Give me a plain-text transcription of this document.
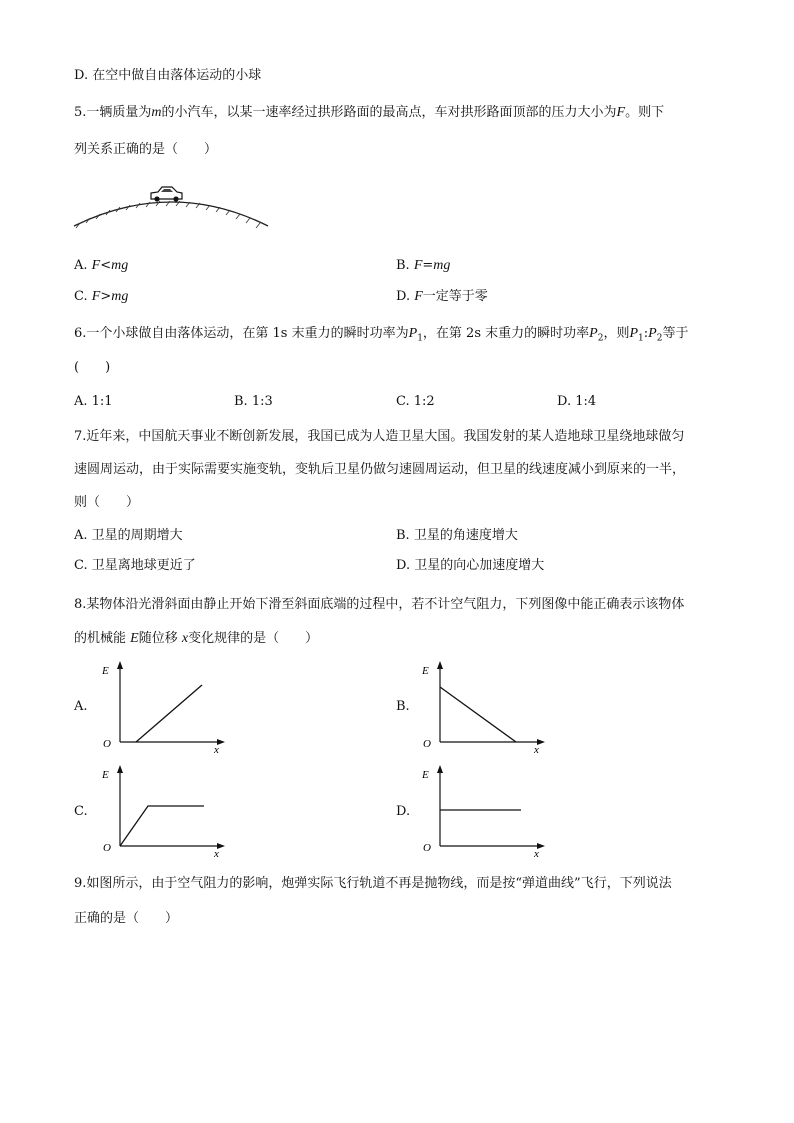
D. 在空中做自由落体运动的小球
5.一辆质量为m的小汽车，以某一速率经过拱形路面的最高点，车对拱形路面顶部的压力大小为F。则下
列关系正确的是（　　）
A. F<mg	B. F=mg
C. F>mg	D. F一定等于零
6.一个小球做自由落体运动，在第 1s 末重力的瞬时功率为$P_1$，在第 2s 末重力的瞬时功率$P_2$，则$P_1:P_2$等于
(　　)
A. 1:1	B. 1:3	C. 1:2	D. 1:4
7.近年来，中国航天事业不断创新发展，我国已成为人造卫星大国。我国发射的某人造地球卫星绕地球做匀
速圆周运动，由于实际需要实施变轨，变轨后卫星仍做匀速圆周运动，但卫星的线速度减小到原来的一半，
则（　　）
A. 卫星的周期增大	B. 卫星的角速度增大
C. 卫星离地球更近了	D. 卫星的向心加速度增大
8.某物体沿光滑斜面由静止开始下滑至斜面底端的过程中，若不计空气阻力，下列图像中能正确表示该物体
的机械能 E随位移 x变化规律的是（　　）
A.	B.
C.	D.
E
O	x
E
O	x
E
O	x
E
O	x
9.如图所示，由于空气阻力的影响，炮弹实际飞行轨道不再是抛物线，而是按“弹道曲线”飞行，下列说法
正确的是（　　）
